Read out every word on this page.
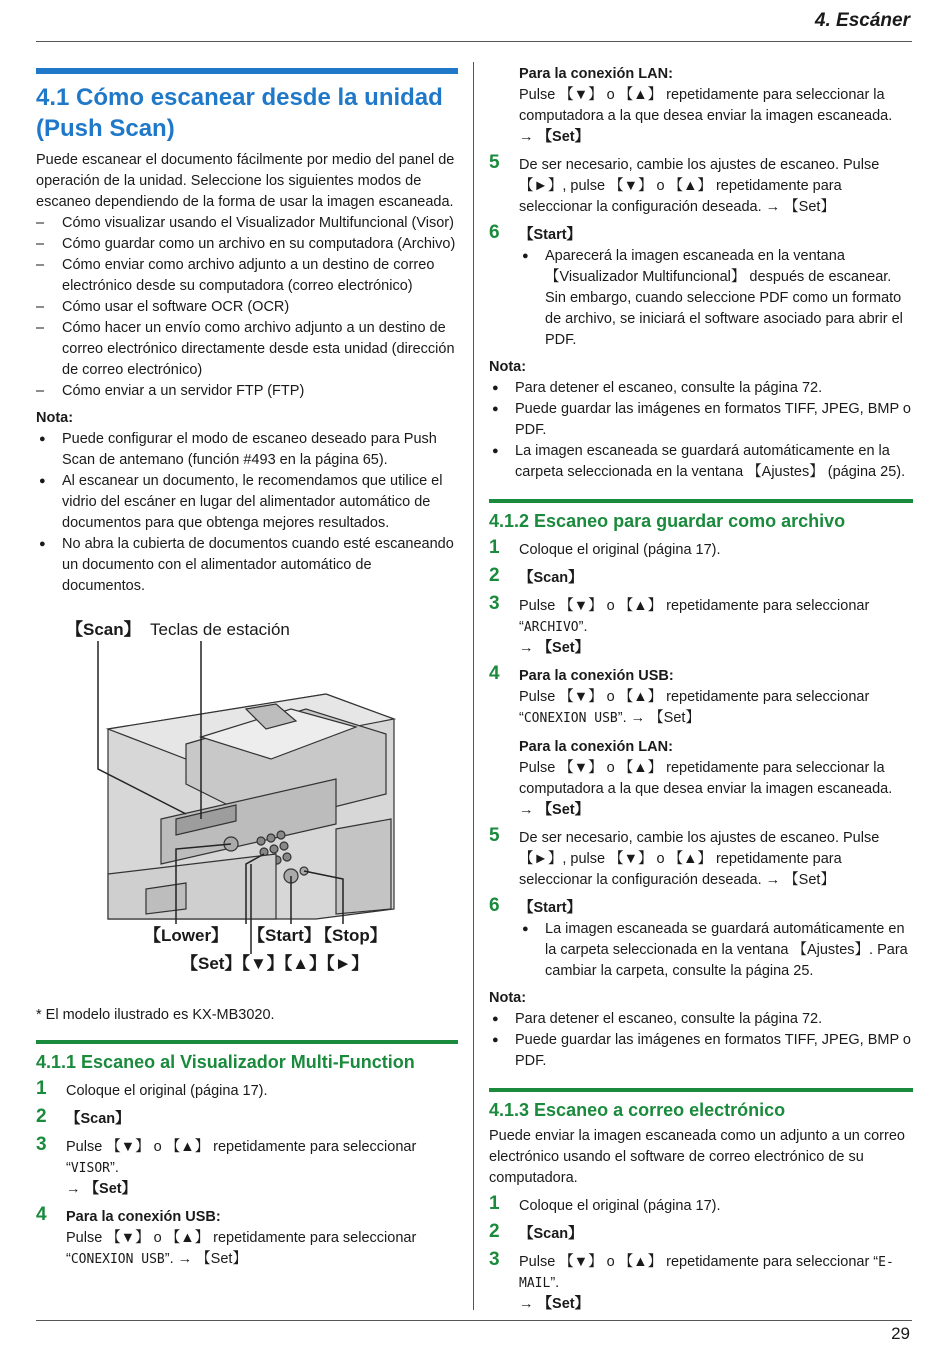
4. Escáner
4.1 Cómo escanear desde la unidad (Push Scan)

Puede escanear el documento fácilmente por medio del panel de operación de la unidad. Seleccione los siguientes modos de escaneo dependiendo de la forma de usar la imagen escaneada.

– Cómo visualizar usando el Visualizador Multifuncional (Visor)

– Cómo guardar como un archivo en su computadora (Archivo)

– Cómo enviar como archivo adjunto a un destino de correo electrónico desde su computadora (correo electrónico)

– Cómo usar el software OCR (OCR)

– Cómo hacer un envío como archivo adjunto a un destino de correo electrónico directamente desde esta unidad (dirección de correo electrónico)

– Cómo enviar a un servidor FTP (FTP)

Nota:

● Puede configurar el modo de escaneo deseado para Push Scan de antemano (función #493 en la página 65).

● Al escanear un documento, le recomendamos que utilice el vidrio del escáner en lugar del alimentador automático de documentos para que obtenga mejores resultados.

● No abra la cubierta de documentos cuando esté escaneando un documento con el alimentador automático de documentos.

【Scan】 Teclas de estación
【Lower】 【Start】
【Stop】
【Set】【▼】【▲】【►】

* El modelo ilustrado es KX-MB3020.

4.1.1 Escaneo al Visualizador Multi-Function
1 Coloque el original (página 17).
2 【Scan】
3 Pulse 【▼】 o 【▲】 repetidamente para seleccionar “VISOR”.
→ 【Set】
4 Para la conexión USB:
Pulse 【▼】 o 【▲】 repetidamente para seleccionar “CONEXION USB”. → 【Set】

Para la conexión LAN:

Pulse 【▼】 o 【▲】 repetidamente para seleccionar la computadora a la que desea enviar la imagen escaneada.

→ 【Set】

5 De ser necesario, cambie los ajustes de escaneo. Pulse 【►】, pulse 【▼】 o 【▲】 repetidamente para seleccionar la configuración deseada. → 【Set】
6 【Start】

● Aparecerá la imagen escaneada en la ventana 【Visualizador Multifuncional】 después de escanear. Sin embargo, cuando seleccione PDF como un formato de archivo, se iniciará el software asociado para abrir el PDF.

Nota:

● Para detener el escaneo, consulte la página 72.

● Puede guardar las imágenes en formatos TIFF, JPEG, BMP o PDF.

● La imagen escaneada se guardará automáticamente en la carpeta seleccionada en la ventana 【Ajustes】 (página 25).

4.1.2 Escaneo para guardar como archivo
1 Coloque el original (página 17).
2 【Scan】
3 Pulse 【▼】 o 【▲】 repetidamente para seleccionar “ARCHIVO”.
→ 【Set】
4 Para la conexión USB:
Pulse 【▼】 o 【▲】 repetidamente para seleccionar “CONEXION USB”. → 【Set】

Para la conexión LAN:

Pulse 【▼】 o 【▲】 repetidamente para seleccionar la computadora a la que desea enviar la imagen escaneada.

→ 【Set】

5 De ser necesario, cambie los ajustes de escaneo. Pulse 【►】, pulse 【▼】 o 【▲】 repetidamente para seleccionar la configuración deseada. → 【Set】
6 【Start】

● La imagen escaneada se guardará automáticamente en la carpeta seleccionada en la ventana 【Ajustes】. Para cambiar la carpeta, consulte la página 25.

Nota:

● Para detener el escaneo, consulte la página 72.

● Puede guardar las imágenes en formatos TIFF, JPEG, BMP o PDF.

4.1.3 Escaneo a correo electrónico

Puede enviar la imagen escaneada como un adjunto a un correo electrónico usando el software de correo electrónico de su computadora.

1 Coloque el original (página 17).
2 【Scan】
3 Pulse 【▼】 o 【▲】 repetidamente para seleccionar “E-MAIL”.
→ 【Set】
29
